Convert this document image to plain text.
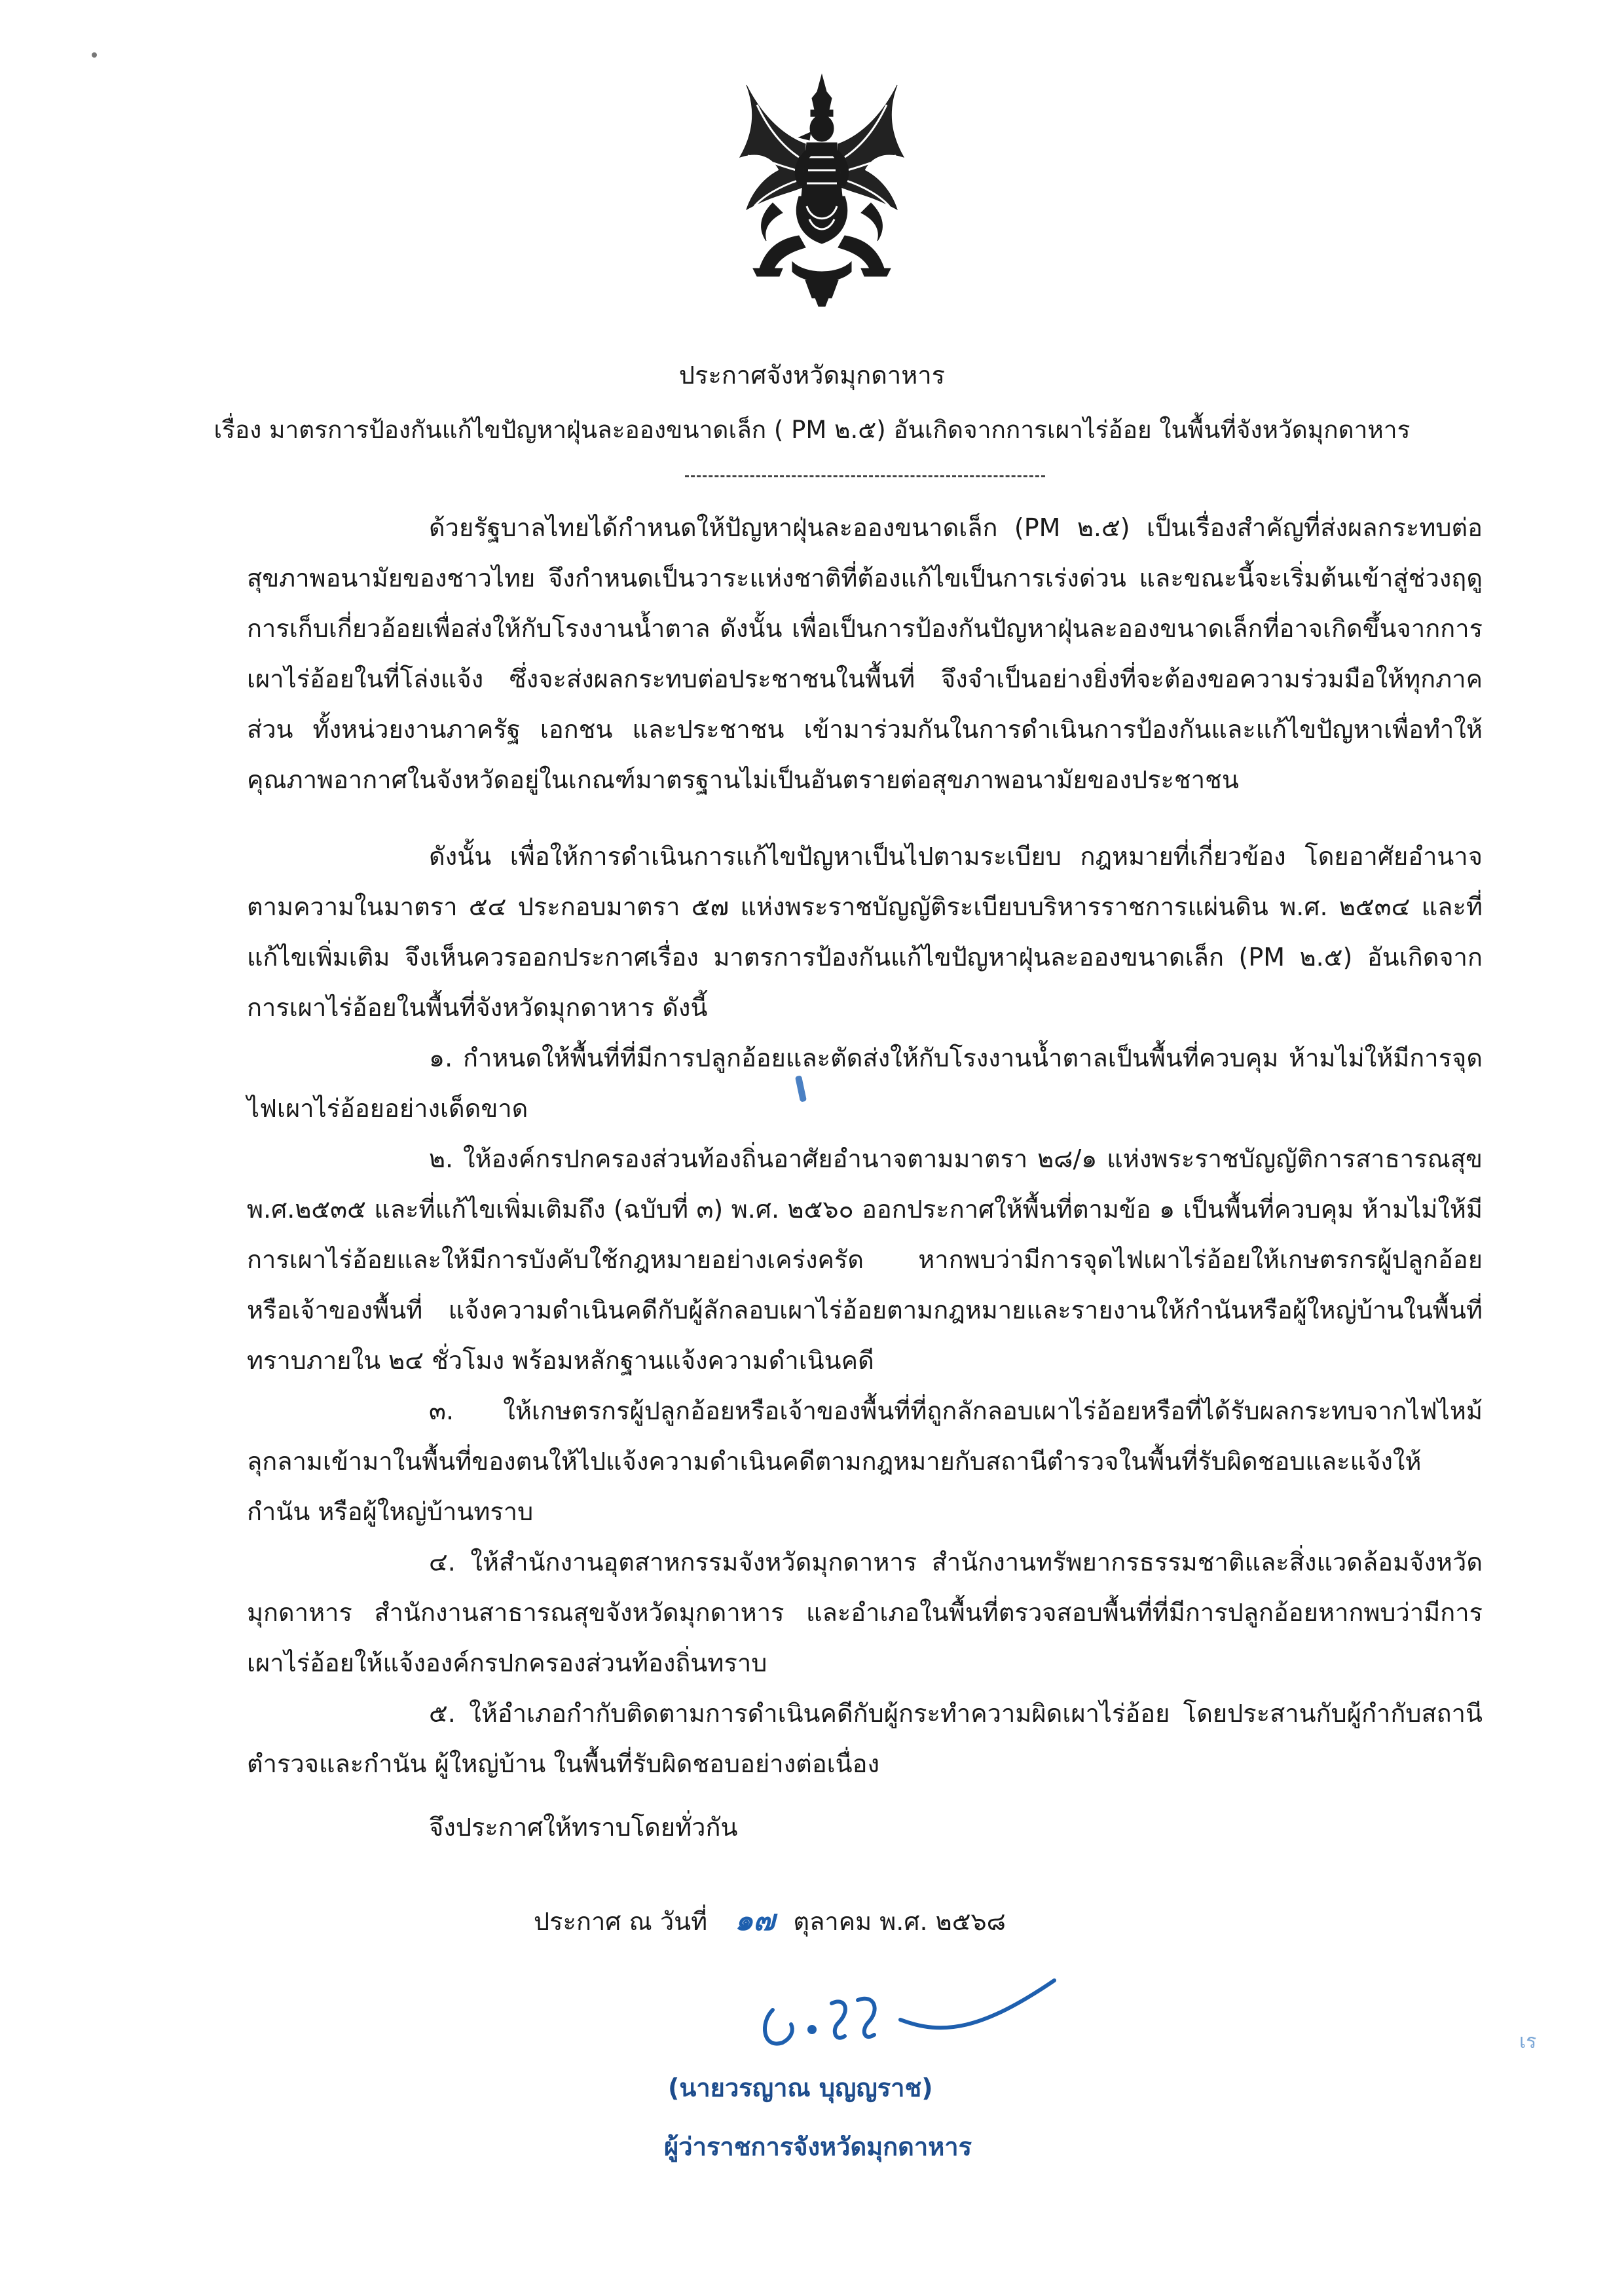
ประกาศจังหวัดมุกดาหาร
เรื่อง มาตรการป้องกันแก้ไขปัญหาฝุ่นละอองขนาดเล็ก ( PM ๒.๕) อันเกิดจากการเผาไร่อ้อย ในพื้นที่จังหวัดมุกดาหาร

ด้วยรัฐบาลไทยได้กำหนดให้ปัญหาฝุ่นละอองขนาดเล็ก (PM ๒.๕) เป็นเรื่องสำคัญที่ส่งผลกระทบต่อสุขภาพอนามัยของชาวไทย จึงกำหนดเป็นวาระแห่งชาติที่ต้องแก้ไขเป็นการเร่งด่วน และขณะนี้จะเริ่มต้นเข้าสู่ช่วงฤดูการเก็บเกี่ยวอ้อยเพื่อส่งให้กับโรงงานน้ำตาล ดังนั้น เพื่อเป็นการป้องกันปัญหาฝุ่นละอองขนาดเล็กที่อาจเกิดขึ้นจากการเผาไร่อ้อยในที่โล่งแจ้ง ซึ่งจะส่งผลกระทบต่อประชาชนในพื้นที่ จึงจำเป็นอย่างยิ่งที่จะต้องขอความร่วมมือให้ทุกภาคส่วน ทั้งหน่วยงานภาครัฐ เอกชน และประชาชน เข้ามาร่วมกันในการดำเนินการป้องกันและแก้ไขปัญหาเพื่อทำให้คุณภาพอากาศในจังหวัดอยู่ในเกณฑ์มาตรฐานไม่เป็นอันตรายต่อสุขภาพอนามัยของประชาชน

ดังนั้น เพื่อให้การดำเนินการแก้ไขปัญหาเป็นไปตามระเบียบ กฎหมายที่เกี่ยวข้อง โดยอาศัยอำนาจตามความในมาตรา ๕๔ ประกอบมาตรา ๕๗ แห่งพระราชบัญญัติระเบียบบริหารราชการแผ่นดิน พ.ศ. ๒๕๓๔ และที่แก้ไขเพิ่มเติม จึงเห็นควรออกประกาศเรื่อง มาตรการป้องกันแก้ไขปัญหาฝุ่นละอองขนาดเล็ก (PM ๒.๕) อันเกิดจากการเผาไร่อ้อยในพื้นที่จังหวัดมุกดาหาร ดังนี้

๑. กำหนดให้พื้นที่ที่มีการปลูกอ้อยและตัดส่งให้กับโรงงานน้ำตาลเป็นพื้นที่ควบคุม ห้ามไม่ให้มีการจุดไฟเผาไร่อ้อยอย่างเด็ดขาด

๒. ให้องค์กรปกครองส่วนท้องถิ่นอาศัยอำนาจตามมาตรา ๒๘/๑ แห่งพระราชบัญญัติการสาธารณสุข พ.ศ.๒๕๓๕ และที่แก้ไขเพิ่มเติมถึง (ฉบับที่ ๓) พ.ศ. ๒๕๖๐ ออกประกาศให้พื้นที่ตามข้อ ๑ เป็นพื้นที่ควบคุม ห้ามไม่ให้มีการเผาไร่อ้อยและให้มีการบังคับใช้กฎหมายอย่างเคร่งครัด หากพบว่ามีการจุดไฟเผาไร่อ้อยให้เกษตรกรผู้ปลูกอ้อย หรือเจ้าของพื้นที่ แจ้งความดำเนินคดีกับผู้ลักลอบเผาไร่อ้อยตามกฎหมายและรายงานให้กำนันหรือผู้ใหญ่บ้านในพื้นที่ทราบภายใน ๒๔ ชั่วโมง พร้อมหลักฐานแจ้งความดำเนินคดี

๓. ให้เกษตรกรผู้ปลูกอ้อยหรือเจ้าของพื้นที่ที่ถูกลักลอบเผาไร่อ้อยหรือที่ได้รับผลกระทบจากไฟไหม้ลุกลามเข้ามาในพื้นที่ของตนให้ไปแจ้งความดำเนินคดีตามกฎหมายกับสถานีตำรวจในพื้นที่รับผิดชอบและแจ้งให้กำนัน หรือผู้ใหญ่บ้านทราบ

๔. ให้สำนักงานอุตสาหกรรมจังหวัดมุกดาหาร สำนักงานทรัพยากรธรรมชาติและสิ่งแวดล้อมจังหวัดมุกดาหาร สำนักงานสาธารณสุขจังหวัดมุกดาหาร และอำเภอในพื้นที่ตรวจสอบพื้นที่ที่มีการปลูกอ้อยหากพบว่ามีการเผาไร่อ้อยให้แจ้งองค์กรปกครองส่วนท้องถิ่นทราบ

๕. ให้อำเภอกำกับติดตามการดำเนินคดีกับผู้กระทำความผิดเผาไร่อ้อย โดยประสานกับผู้กำกับสถานีตำรวจและกำนัน ผู้ใหญ่บ้าน ในพื้นที่รับผิดชอบอย่างต่อเนื่อง

จึงประกาศให้ทราบโดยทั่วกัน
ประกาศ ณ วันที่ ๑๗ ตุลาคม พ.ศ. ๒๕๖๘
(นายวรญาณ บุญญราช)
ผู้ว่าราชการจังหวัดมุกดาหาร
เร
